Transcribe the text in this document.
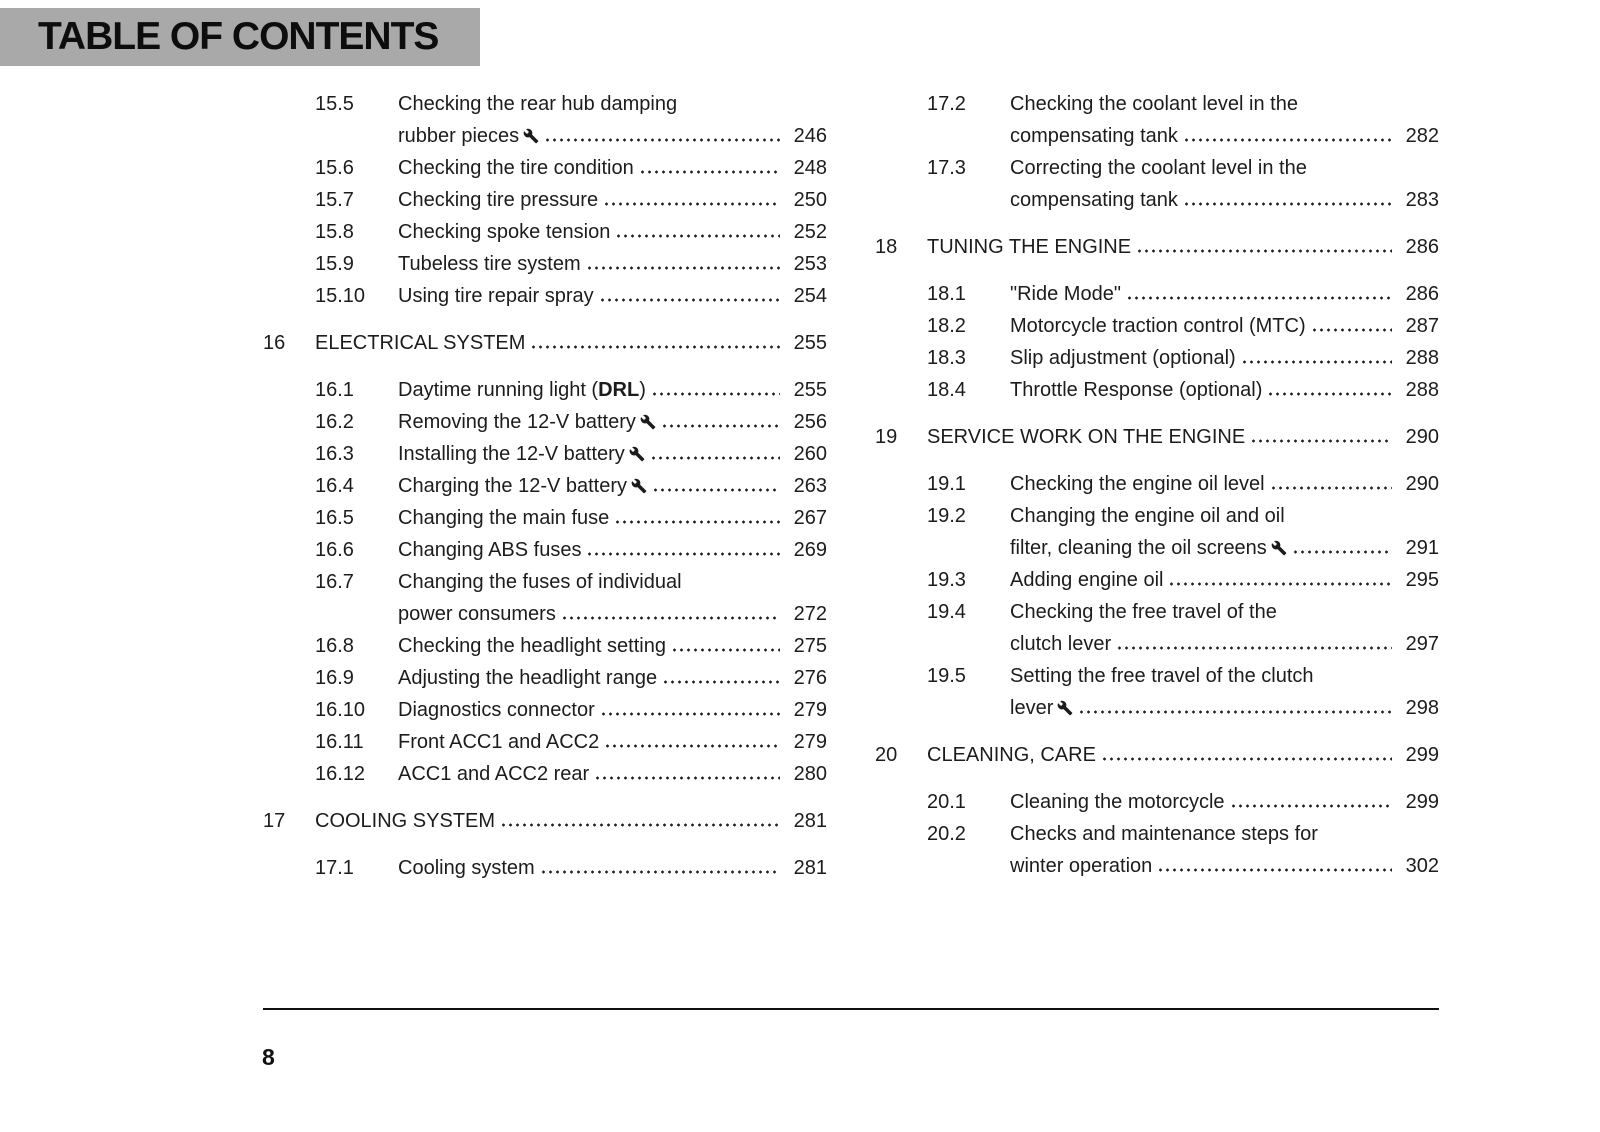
TABLE OF CONTENTS
15.5	Checking the rear hub damping
rubber pieces	246
15.6	Checking the tire condition	248
15.7	Checking tire pressure	250
15.8	Checking spoke tension	252
15.9	Tubeless tire system	253
15.10	Using tire repair spray	254
16	ELECTRICAL SYSTEM	255
16.1	Daytime running light (DRL)	255
16.2	Removing the 12-V battery	256
16.3	Installing the 12-V battery	260
16.4	Charging the 12-V battery	263
16.5	Changing the main fuse	267
16.6	Changing ABS fuses	269
16.7	Changing the fuses of individual
power consumers	272
16.8	Checking the headlight setting	275
16.9	Adjusting the headlight range	276
16.10	Diagnostics connector	279
16.11	Front ACC1 and ACC2	279
16.12	ACC1 and ACC2 rear	280
17	COOLING SYSTEM	281
17.1	Cooling system	281
17.2	Checking the coolant level in the
compensating tank	282
17.3	Correcting the coolant level in the
compensating tank	283
18	TUNING THE ENGINE	286
18.1	"Ride Mode"	286
18.2	Motorcycle traction control (MTC)	287
18.3	Slip adjustment (optional)	288
18.4	Throttle Response (optional)	288
19	SERVICE WORK ON THE ENGINE	290
19.1	Checking the engine oil level	290
19.2	Changing the engine oil and oil
filter, cleaning the oil screens	291
19.3	Adding engine oil	295
19.4	Checking the free travel of the
clutch lever	297
19.5	Setting the free travel of the clutch
lever	298
20	CLEANING, CARE	299
20.1	Cleaning the motorcycle	299
20.2	Checks and maintenance steps for
winter operation	302
8
